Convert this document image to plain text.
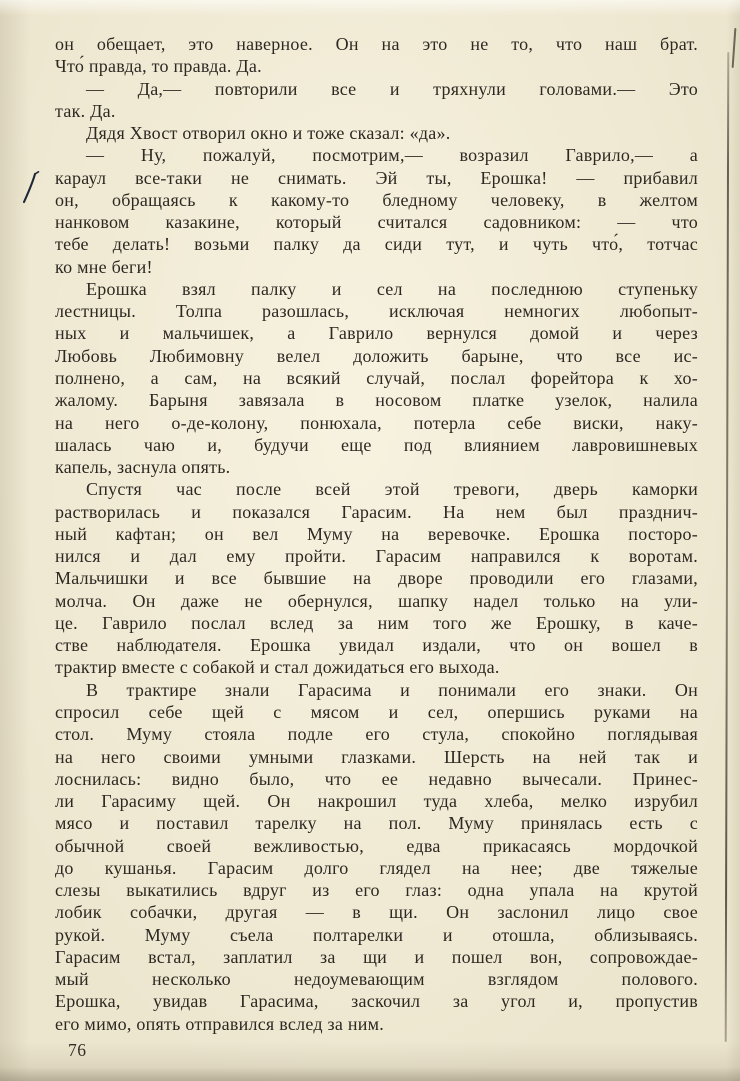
он обещает, это наверное. Он на это не то, что наш брат.
Что́ правда, то правда. Да.
— Да,— повторили все и тряхнули головами.— Это
так. Да.
Дядя Хвост отворил окно и тоже сказал: «да».
— Ну, пожалуй, посмотрим,— возразил Гаврило,— а
караул все-таки не снимать. Эй ты, Ерошка! — прибавил
он, обращаясь к какому-то бледному человеку, в желтом
нанковом казакине, который считался садовником: — что
тебе делать! возьми палку да сиди тут, и чуть что́, тотчас
ко мне беги!
Ерошка взял палку и сел на последнюю ступеньку
лестницы. Толпа разошлась, исключая немногих любопыт-
ных и мальчишек, а Гаврило вернулся домой и через
Любовь Любимовну велел доложить барыне, что все ис-
полнено, а сам, на всякий случай, послал форейтора к хо-
жалому. Барыня завязала в носовом платке узелок, налила
на него о-де-колону, понюхала, потерла себе виски, наку-
шалась чаю и, будучи еще под влиянием лавровишневых
капель, заснула опять.
Спустя час после всей этой тревоги, дверь каморки
растворилась и показался Гарасим. На нем был празднич-
ный кафтан; он вел Муму на веревочке. Ерошка посторо-
нился и дал ему пройти. Гарасим направился к воротам.
Мальчишки и все бывшие на дворе проводили его глазами,
молча. Он даже не обернулся, шапку надел только на ули-
це. Гаврило послал вслед за ним того же Ерошку, в каче-
стве наблюдателя. Ерошка увидал издали, что он вошел в
трактир вместе с собакой и стал дожидаться его выхода.
В трактире знали Гарасима и понимали его знаки. Он
спросил себе щей с мясом и сел, опершись руками на
стол. Муму стояла подле его стула, спокойно поглядывая
на него своими умными глазками. Шерсть на ней так и
лоснилась: видно было, что ее недавно вычесали. Принес-
ли Гарасиму щей. Он накрошил туда хлеба, мелко изрубил
мясо и поставил тарелку на пол. Муму принялась есть с
обычной своей вежливостью, едва прикасаясь мордочкой
до кушанья. Гарасим долго глядел на нее; две тяжелые
слезы выкатились вдруг из его глаз: одна упала на крутой
лобик собачки, другая — в щи. Он заслонил лицо свое
рукой. Муму съела полтарелки и отошла, облизываясь.
Гарасим встал, заплатил за щи и пошел вон, сопровождае-
мый несколько недоумевающим взглядом полового.
Ерошка, увидав Гарасима, заскочил за угол и, пропустив
его мимо, опять отправился вслед за ним.
76
